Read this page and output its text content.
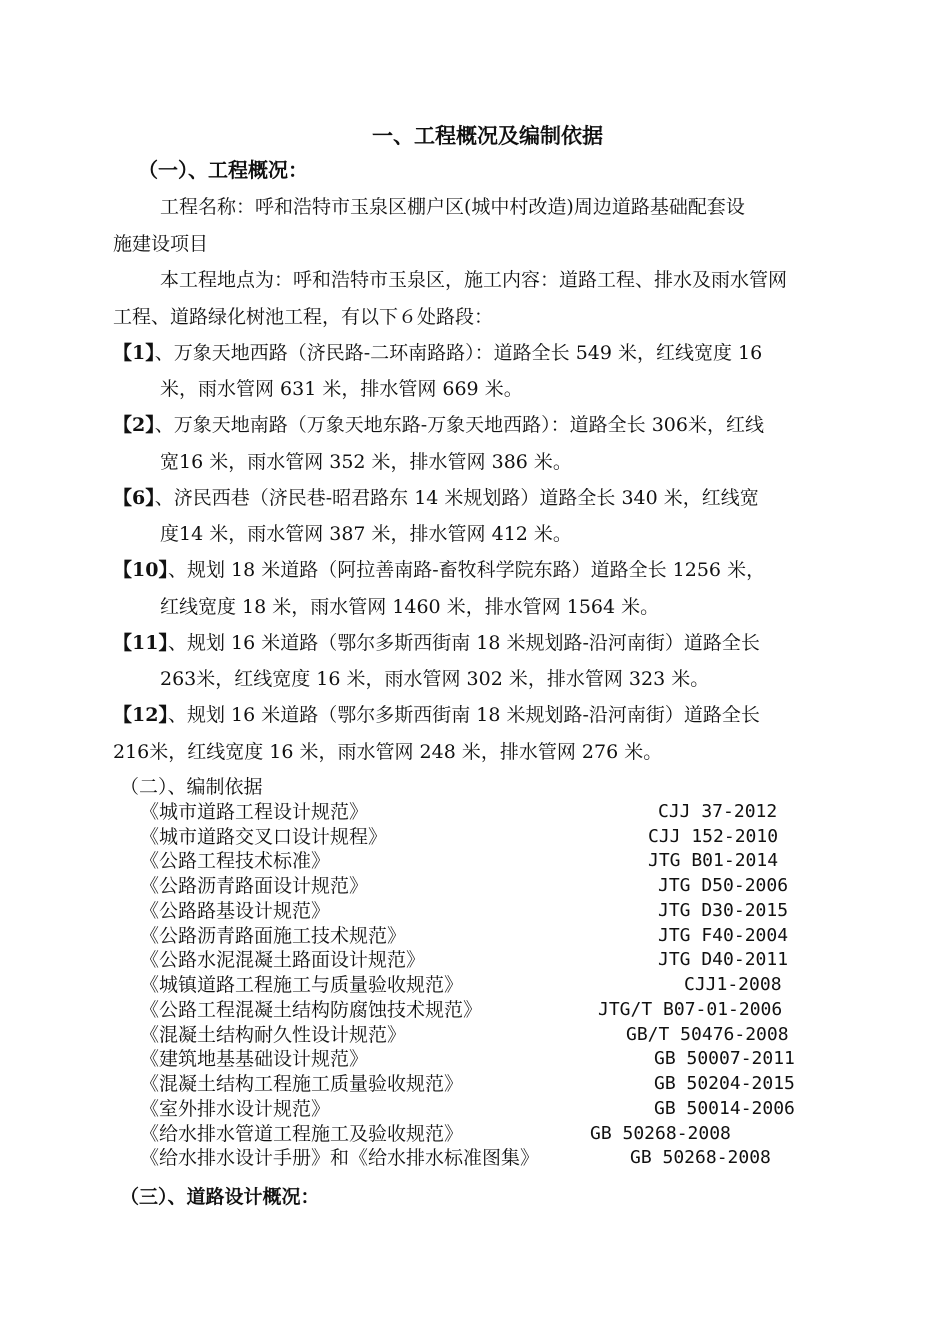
一、工程概况及编制依据
（一）、工程概况：
工程名称：呼和浩特市玉泉区棚户区(城中村改造)周边道路基础配套设
施建设项目
本工程地点为：呼和浩特市玉泉区，施工内容：道路工程、排水及雨水管网
工程、道路绿化树池工程，有以下６处路段：
【1】、万象天地西路（济民路-二环南路路）：道路全长 549 米，红线宽度 16
米，雨水管网 631 米，排水管网 669 米。
【2】、万象天地南路（万象天地东路-万象天地西路）：道路全长 306米，红线
宽16 米，雨水管网 352 米，排水管网 386 米。
【6】、济民西巷（济民巷-昭君路东 14 米规划路）道路全长 340 米，红线宽
度14 米，雨水管网 387 米，排水管网 412 米。
【10】、规划 18 米道路（阿拉善南路-畜牧科学院东路）道路全长 1256 米，
红线宽度 18 米，雨水管网 1460 米，排水管网 1564 米。
【11】、规划 16 米道路（鄂尔多斯西街南 18 米规划路-沿河南街）道路全长
263米，红线宽度 16 米，雨水管网 302 米，排水管网 323 米。
【12】、规划 16 米道路（鄂尔多斯西街南 18 米规划路-沿河南街）道路全长
216米，红线宽度 16 米，雨水管网 248 米，排水管网 276 米。
（二）、编制依据
《城市道路工程设计规范》	CJJ 37-2012
《城市道路交叉口设计规程》	CJJ 152-2010
《公路工程技术标准》	JTG B01-2014
《公路沥青路面设计规范》	JTG D50-2006
《公路路基设计规范》	JTG D30-2015
《公路沥青路面施工技术规范》	JTG F40-2004
《公路水泥混凝土路面设计规范》	JTG D40-2011
《城镇道路工程施工与质量验收规范》	CJJ1-2008
《公路工程混凝土结构防腐蚀技术规范》	JTG/T B07-01-2006
《混凝土结构耐久性设计规范》	GB/T 50476-2008
《建筑地基基础设计规范》	GB 50007-2011
《混凝土结构工程施工质量验收规范》	GB 50204-2015
《室外排水设计规范》	GB 50014-2006
《给水排水管道工程施工及验收规范》	GB 50268-2008
《给水排水设计手册》和《给水排水标准图集》	GB 50268-2008
（三）、道路设计概况：
